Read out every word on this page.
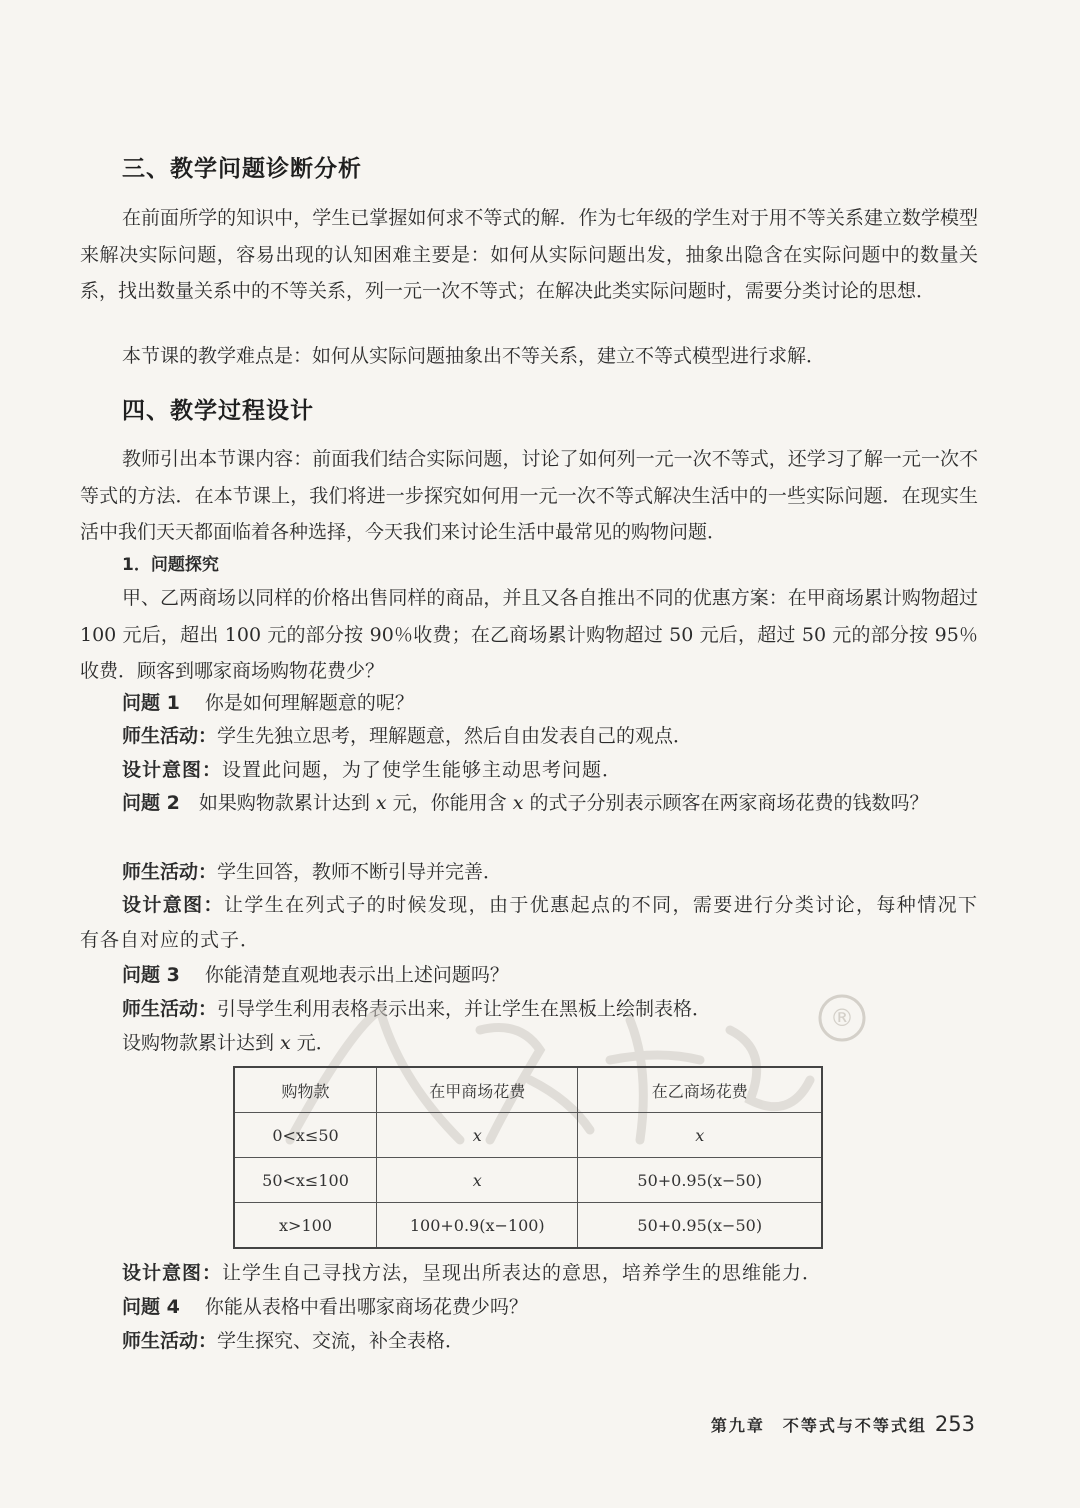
三、教学问题诊断分析

在前面所学的知识中，学生已掌握如何求不等式的解．作为七年级的学生对于用不等关系建立数学模型来解决实际问题，容易出现的认知困难主要是：如何从实际问题出发，抽象出隐含在实际问题中的数量关系，找出数量关系中的不等关系，列一元一次不等式；在解决此类实际问题时，需要分类讨论的思想．

本节课的教学难点是：如何从实际问题抽象出不等关系，建立不等式模型进行求解．

四、教学过程设计

教师引出本节课内容：前面我们结合实际问题，讨论了如何列一元一次不等式，还学习了解一元一次不等式的方法．在本节课上，我们将进一步探究如何用一元一次不等式解决生活中的一些实际问题．在现实生活中我们天天都面临着各种选择，今天我们来讨论生活中最常见的购物问题．

1．问题探究

甲、乙两商场以同样的价格出售同样的商品，并且又各自推出不同的优惠方案：在甲商场累计购物超过 100 元后，超出 100 元的部分按 90％收费；在乙商场累计购物超过 50 元后，超过 50 元的部分按 95％收费．顾客到哪家商场购物花费少？

问题 1　 你是如何理解题意的呢？
师生活动：学生先独立思考，理解题意，然后自由发表自己的观点．
设计意图：设置此问题，为了使学生能够主动思考问题．

问题 2　 如果购物款累计达到 x 元，你能用含 x 的式子分别表示顾客在两家商场花费的钱数吗？

师生活动：学生回答，教师不断引导并完善．

设计意图：让学生在列式子的时候发现，由于优惠起点的不同，需要进行分类讨论，每种情况下有各自对应的式子．

问题 3　 你能清楚直观地表示出上述问题吗？
师生活动：引导学生利用表格表示出来，并让学生在黑板上绘制表格．
设购物款累计达到 x 元．
®
购物款	在甲商场花费	在乙商场花费
0<x≤50	x	x
50<x≤100	x	50+0.95(x−50)
x>100	100+0.9(x−100)	50+0.95(x−50)
设计意图：让学生自己寻找方法，呈现出所表达的意思，培养学生的思维能力．
问题 4　 你能从表格中看出哪家商场花费少吗？
师生活动：学生探究、交流，补全表格．
第九章　不等式与不等式组 253
